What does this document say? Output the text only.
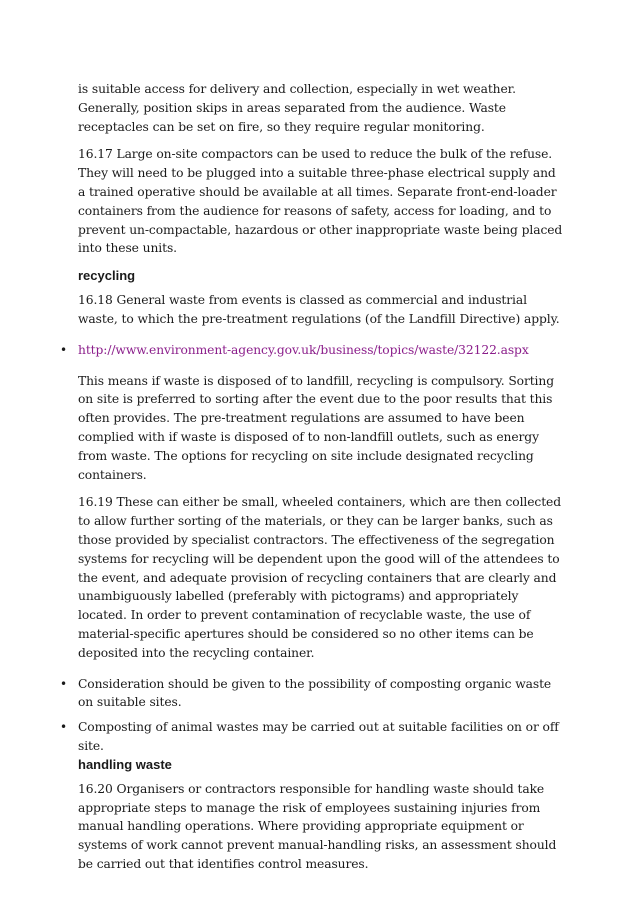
is suitable access for delivery and collection, especially in wet weather. Generally, position skips in areas separated from the audience. Waste receptacles can be set on fire, so they require regular monitoring.

16.17 Large on-site compactors can be used to reduce the bulk of the refuse. They will need to be plugged into a suitable three-phase electrical supply and a trained operative should be available at all times. Separate front-end-loader containers from the audience for reasons of safety, access for loading, and to prevent un-compactable, hazardous or other inappropriate waste being placed into these units.

recycling

16.18 General waste from events is classed as commercial and industrial waste, to which the pre-treatment regulations (of the Landfill Directive) apply.

• http://www.environment-agency.gov.uk/business/topics/waste/32122.aspx

This means if waste is disposed of to landfill, recycling is compulsory. Sorting on site is preferred to sorting after the event due to the poor results that this often provides. The pre-treatment regulations are assumed to have been complied with if waste is disposed of to non-landfill outlets, such as energy from waste. The options for recycling on site include designated recycling containers.

16.19 These can either be small, wheeled containers, which are then collected to allow further sorting of the materials, or they can be larger banks, such as those provided by specialist contractors. The effectiveness of the segregation systems for recycling will be dependent upon the good will of the attendees to the event, and adequate provision of recycling containers that are clearly and unambiguously labelled (preferably with pictograms) and appropriately located. In order to prevent contamination of recyclable waste, the use of material-specific apertures should be considered so no other items can be deposited into the recycling container.

• Consideration should be given to the possibility of composting organic waste on suitable sites.
• Composting of animal wastes may be carried out at suitable facilities on or off site.
handling waste

16.20 Organisers or contractors responsible for handling waste should take appropriate steps to manage the risk of employees sustaining injuries from manual handling operations. Where providing appropriate equipment or systems of work cannot prevent manual-handling risks, an assessment should be carried out that identifies control measures.
